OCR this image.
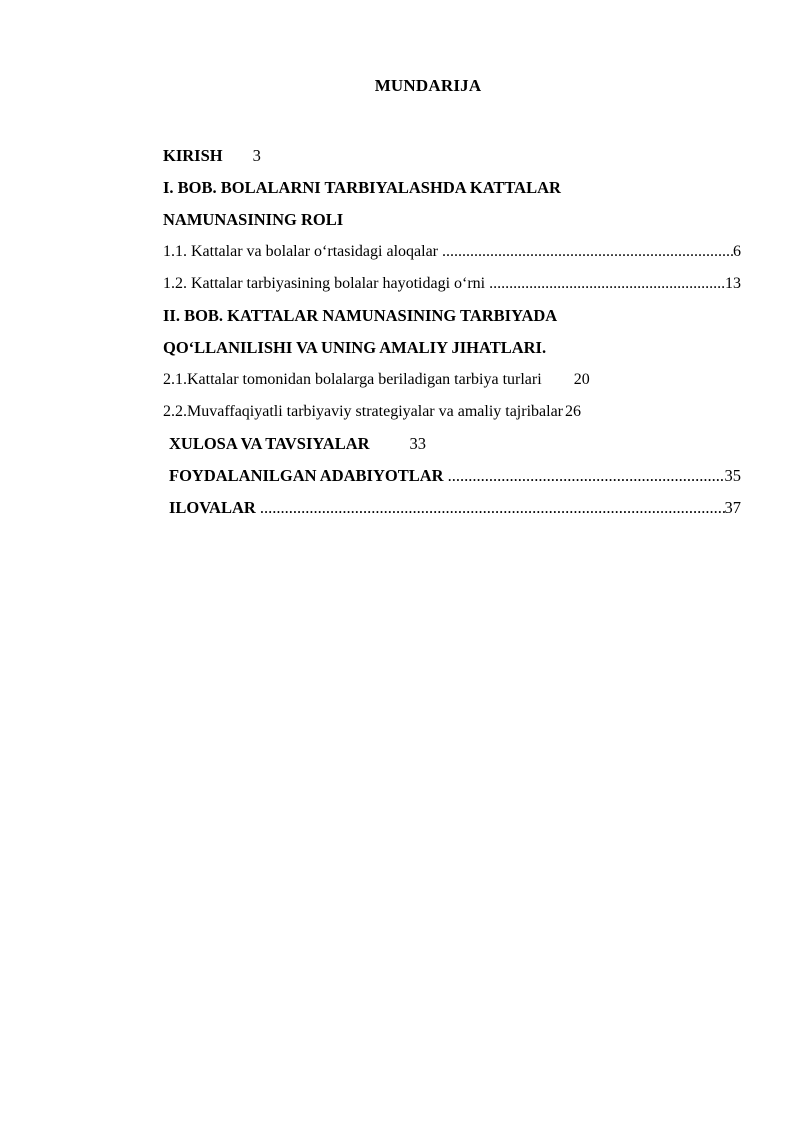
MUNDARIJA
KIRISH 3
I. BOB. BOLALARNI TARBIYALASHDA KATTALAR
NAMUNASINING ROLI
1.1. Kattalar va bolalar o‘rtasidagi aloqalar .....	6
1.2. Kattalar tarbiyasining bolalar hayotidagi o‘rni .....	13
II. BOB. KATTALAR NAMUNASINING TARBIYADA
QO‘LLANILISHI VA UNING AMALIY JIHATLARI.
2.1.Kattalar tomonidan bolalarga beriladigan tarbiya turlari 20
2.2.Muvaffaqiyatli tarbiyaviy strategiyalar va amaliy tajribalar 26
XULOSA VA TAVSIYALAR 33
FOYDALANILGAN ADABIYOTLAR .....	35
ILOVALAR .....	37
